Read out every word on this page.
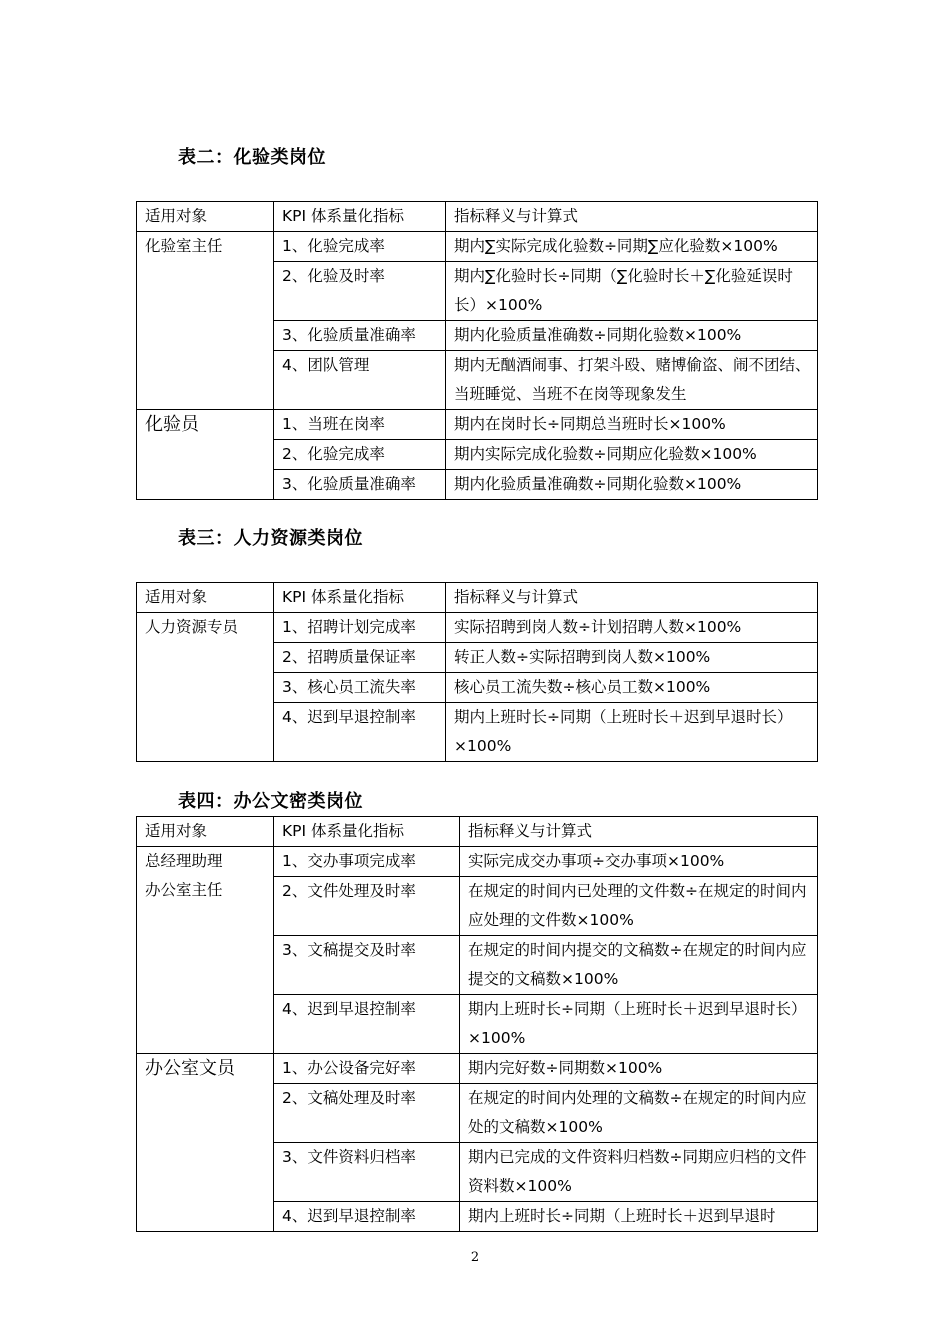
表二：化验类岗位
适用对象	KPI 体系量化指标	指标释义与计算式
化验室主任	1、化验完成率	期内∑实际完成化验数÷同期∑应化验数×100%
	2、化验及时率	期内∑化验时长÷同期（∑化验时长＋∑化验延误时长）×100%
	3、化验质量准确率	期内化验质量准确数÷同期化验数×100%
	4、团队管理	期内无酗酒闹事、打架斗殴、赌博偷盗、闹不团结、当班睡觉、当班不在岗等现象发生
化验员	1、当班在岗率	期内在岗时长÷同期总当班时长×100%
	2、化验完成率	期内实际完成化验数÷同期应化验数×100%
	3、化验质量准确率	期内化验质量准确数÷同期化验数×100%
表三：人力资源类岗位
适用对象	KPI 体系量化指标	指标释义与计算式
人力资源专员	1、招聘计划完成率	实际招聘到岗人数÷计划招聘人数×100%
	2、招聘质量保证率	转正人数÷实际招聘到岗人数×100%
	3、核心员工流失率	核心员工流失数÷核心员工数×100%
	4、迟到早退控制率	期内上班时长÷同期（上班时长＋迟到早退时长）×100%
表四：办公文密类岗位
适用对象	KPI 体系量化指标	指标释义与计算式

总经理助理
办公室主任	1、交办事项完成率	实际完成交办事项÷交办事项×100%
	2、文件处理及时率	在规定的时间内已处理的文件数÷在规定的时间内应处理的文件数×100%
	3、文稿提交及时率	在规定的时间内提交的文稿数÷在规定的时间内应提交的文稿数×100%
	4、迟到早退控制率	期内上班时长÷同期（上班时长＋迟到早退时长）×100%
办公室文员	1、办公设备完好率	期内完好数÷同期数×100%
	2、文稿处理及时率	在规定的时间内处理的文稿数÷在规定的时间内应处的文稿数×100%
	3、文件资料归档率	期内已完成的文件资料归档数÷同期应归档的文件资料数×100%
	4、迟到早退控制率	期内上班时长÷同期（上班时长＋迟到早退时
2
